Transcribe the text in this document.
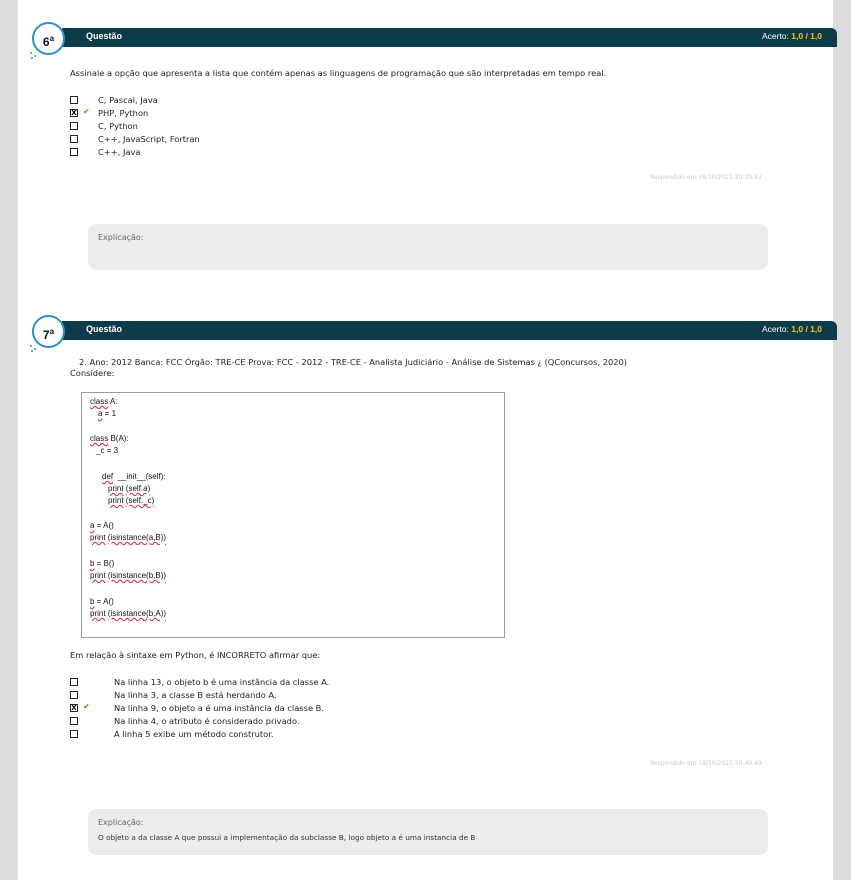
Questão	Acerto: 1,0 / 1,0
6$^a$
Assinale a opção que apresenta a lista que contém apenas as linguagens de programação que são interpretadas em tempo real.
C, Pascal, Java
X ✔ PHP, Python
C, Python
C++, JavaScript, Fortran
C++, Java
Respondido em 18/10/2021 20:39:43
Explicação:
Questão	Acerto: 1,0 / 1,0
7$^a$
2. Ano: 2012 Banca: FCC Órgão: TRE-CE Prova: FCC - 2012 - TRE-CE - Analista Judiciário - Análise de Sistemas ¿ (QConcursos, 2020)
Considere:
class A:
a = 1
class B(A):
_c = 3
def  __init__(self):
print (self.a)
print (self._c)
a = A()
print (isinstance(a,B))
b = B()
print (isinstance(b,B))
b = A()
print (isinstance(b,A))
Em relação à sintaxe em Python, é INCORRETO afirmar que:
Na linha 13, o objeto b é uma instância da classe A.
Na linha 3, a classe B está herdando A.
X ✔	Na linha 9, o objeto a é uma instância da classe B.
Na linha 4, o atributo é considerado privado.
A linha 5 exibe um método construtor.
Respondido em 18/10/2021 20:40:49
Explicação:
O objeto a da classe A que possui a implementação da subclasse B, logo objeto a é uma instancia de B
